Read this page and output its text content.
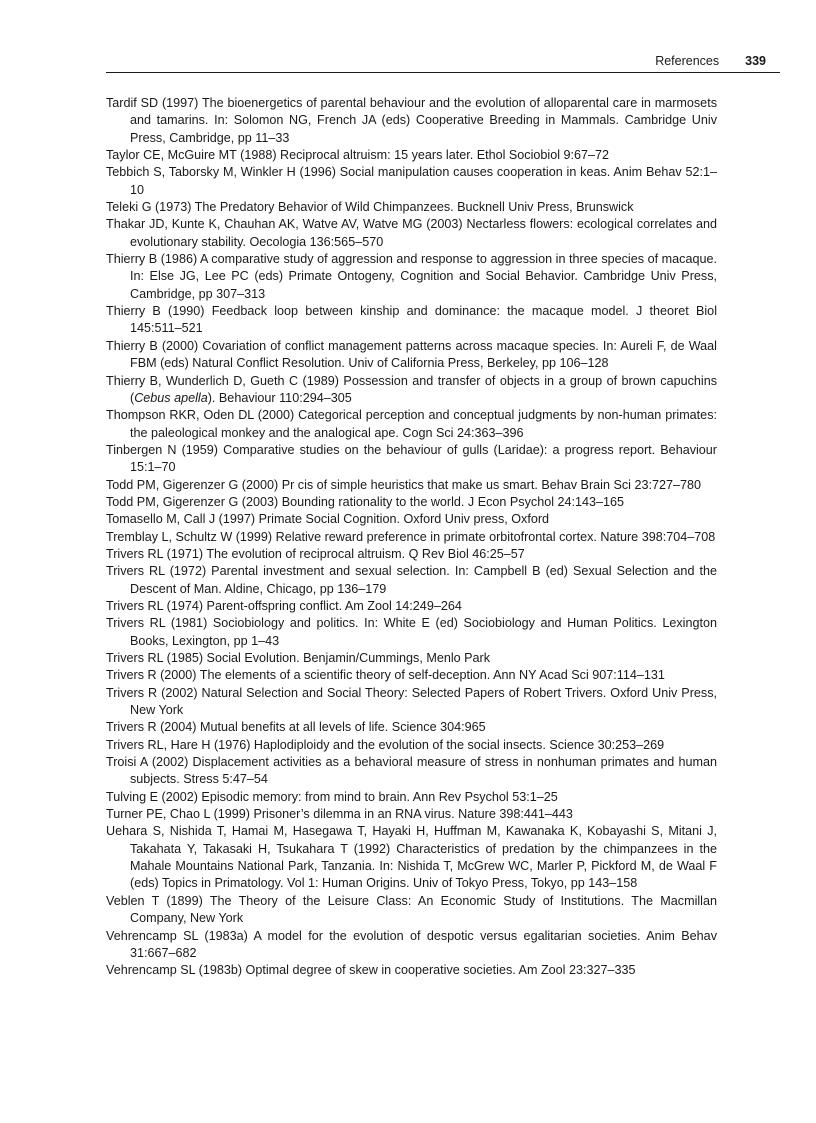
References 339
Tardif SD (1997) The bioenergetics of parental behaviour and the evolution of alloparental care in marmosets and tamarins. In: Solomon NG, French JA (eds) Cooperative Breeding in Mammals. Cambridge Univ Press, Cambridge, pp 11–33
Taylor CE, McGuire MT (1988) Reciprocal altruism: 15 years later. Ethol Sociobiol 9:67–72
Tebbich S, Taborsky M, Winkler H (1996) Social manipulation causes cooperation in keas. Anim Behav 52:1–10
Teleki G (1973) The Predatory Behavior of Wild Chimpanzees. Bucknell Univ Press, Brunswick
Thakar JD, Kunte K, Chauhan AK, Watve AV, Watve MG (2003) Nectarless flowers: ecological correlates and evolutionary stability. Oecologia 136:565–570
Thierry B (1986) A comparative study of aggression and response to aggression in three species of macaque. In: Else JG, Lee PC (eds) Primate Ontogeny, Cognition and Social Behavior. Cambridge Univ Press, Cambridge, pp 307–313
Thierry B (1990) Feedback loop between kinship and dominance: the macaque model. J theoret Biol 145:511–521
Thierry B (2000) Covariation of conflict management patterns across macaque species. In: Aureli F, de Waal FBM (eds) Natural Conflict Resolution. Univ of California Press, Berkeley, pp 106–128
Thierry B, Wunderlich D, Gueth C (1989) Possession and transfer of objects in a group of brown capuchins (Cebus apella). Behaviour 110:294–305
Thompson RKR, Oden DL (2000) Categorical perception and conceptual judgments by non-human primates: the paleological monkey and the analogical ape. Cogn Sci 24:363–396
Tinbergen N (1959) Comparative studies on the behaviour of gulls (Laridae): a progress report. Behaviour 15:1–70
Todd PM, Gigerenzer G (2000) Pr cis of simple heuristics that make us smart. Behav Brain Sci 23:727–780
Todd PM, Gigerenzer G (2003) Bounding rationality to the world. J Econ Psychol 24:143–165
Tomasello M, Call J (1997) Primate Social Cognition. Oxford Univ press, Oxford
Tremblay L, Schultz W (1999) Relative reward preference in primate orbitofrontal cortex. Nature 398:704–708
Trivers RL (1971) The evolution of reciprocal altruism. Q Rev Biol 46:25–57
Trivers RL (1972) Parental investment and sexual selection. In: Campbell B (ed) Sexual Selection and the Descent of Man. Aldine, Chicago, pp 136–179
Trivers RL (1974) Parent-offspring conflict. Am Zool 14:249–264
Trivers RL (1981) Sociobiology and politics. In: White E (ed) Sociobiology and Human Politics. Lexington Books, Lexington, pp 1–43
Trivers RL (1985) Social Evolution. Benjamin/Cummings, Menlo Park
Trivers R (2000) The elements of a scientific theory of self-deception. Ann NY Acad Sci 907:114–131
Trivers R (2002) Natural Selection and Social Theory: Selected Papers of Robert Trivers. Oxford Univ Press, New York
Trivers R (2004) Mutual benefits at all levels of life. Science 304:965
Trivers RL, Hare H (1976) Haplodiploidy and the evolution of the social insects. Science 30:253–269
Troisi A (2002) Displacement activities as a behavioral measure of stress in nonhuman primates and human subjects. Stress 5:47–54
Tulving E (2002) Episodic memory: from mind to brain. Ann Rev Psychol 53:1–25
Turner PE, Chao L (1999) Prisoner’s dilemma in an RNA virus. Nature 398:441–443
Uehara S, Nishida T, Hamai M, Hasegawa T, Hayaki H, Huffman M, Kawanaka K, Kobayashi S, Mitani J, Takahata Y, Takasaki H, Tsukahara T (1992) Characteristics of predation by the chimpanzees in the Mahale Mountains National Park, Tanzania. In: Nishida T, McGrew WC, Marler P, Pickford M, de Waal F (eds) Topics in Primatology. Vol 1: Human Origins. Univ of Tokyo Press, Tokyo, pp 143–158
Veblen T (1899) The Theory of the Leisure Class: An Economic Study of Institutions. The Macmillan Company, New York
Vehrencamp SL (1983a) A model for the evolution of despotic versus egalitarian societies. Anim Behav 31:667–682
Vehrencamp SL (1983b) Optimal degree of skew in cooperative societies. Am Zool 23:327–335
